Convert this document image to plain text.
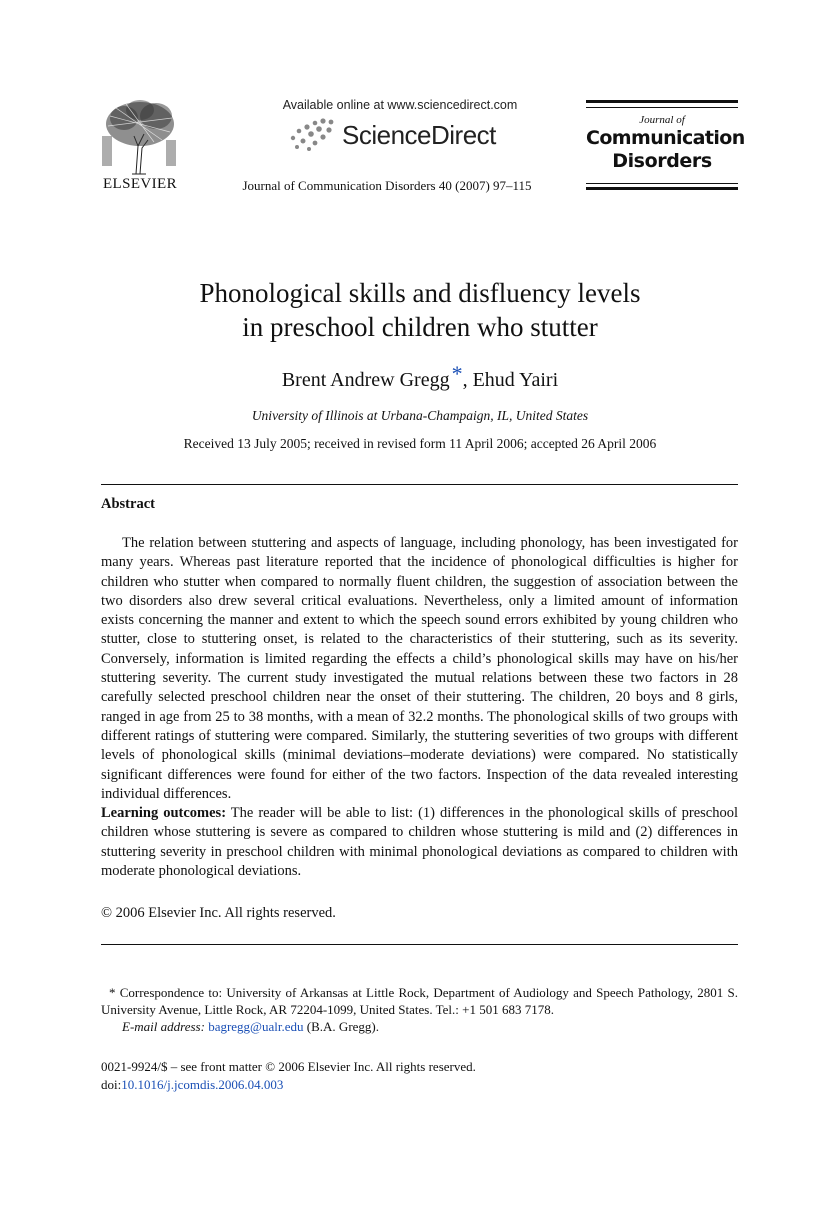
ELSEVIER
Available online at www.sciencedirect.com
ScienceDirect
Journal of Communication Disorders 40 (2007) 97–115
Journal of
Communication
Disorders
Phonological skills and disfluency levels
in preschool children who stutter
Brent Andrew Gregg*, Ehud Yairi
University of Illinois at Urbana-Champaign, IL, United States
Received 13 July 2005; received in revised form 11 April 2006; accepted 26 April 2006
Abstract

The relation between stuttering and aspects of language, including phonology, has been investigated for many years. Whereas past literature reported that the incidence of phonological difficulties is higher for children who stutter when compared to normally fluent children, the suggestion of association between the two disorders also drew several critical evaluations. Nevertheless, only a limited amount of information exists concerning the manner and extent to which the speech sound errors exhibited by young children who stutter, close to stuttering onset, is related to the characteristics of their stuttering, such as its severity. Conversely, information is limited regarding the effects a child’s phonological skills may have on his/her stuttering severity. The current study investigated the mutual relations between these two factors in 28 carefully selected preschool children near the onset of their stuttering. The children, 20 boys and 8 girls, ranged in age from 25 to 38 months, with a mean of 32.2 months. The phonological skills of two groups with different ratings of stuttering were compared. Similarly, the stuttering severities of two groups with different levels of phonological skills (minimal deviations–moderate deviations) were compared. No statistically significant differences were found for either of the two factors. Inspection of the data revealed interesting individual differences.

Learning outcomes: The reader will be able to list: (1) differences in the phonological skills of preschool children whose stuttering is severe as compared to children whose stuttering is mild and (2) differences in stuttering severity in preschool children with minimal phonological deviations as compared to children with moderate phonological deviations.

© 2006 Elsevier Inc. All rights reserved.

* Correspondence to: University of Arkansas at Little Rock, Department of Audiology and Speech Pathology, 2801 S. University Avenue, Little Rock, AR 72204-1099, United States. Tel.: +1 501 683 7178.

E-mail address: bagregg@ualr.edu (B.A. Gregg).

0021-9924/$ – see front matter © 2006 Elsevier Inc. All rights reserved.
doi:10.1016/j.jcomdis.2006.04.003
